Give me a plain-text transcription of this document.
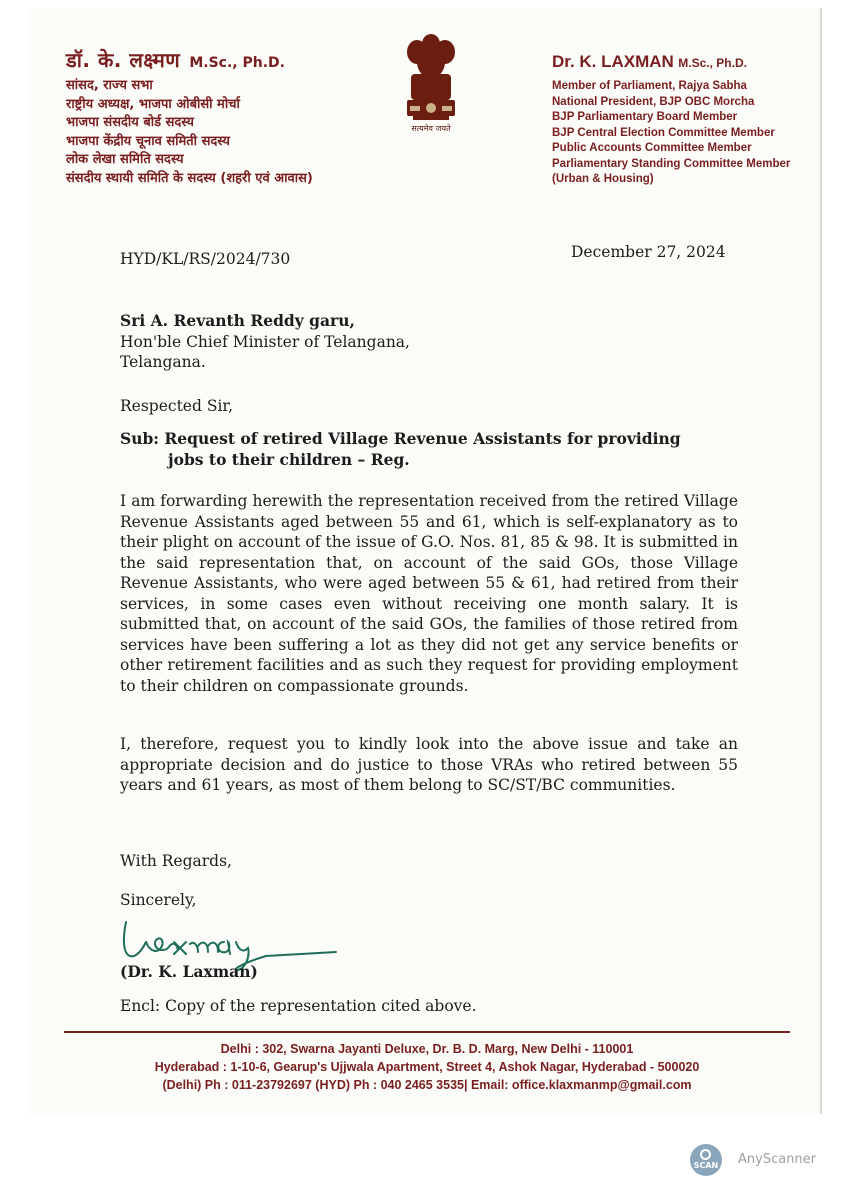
डॉ. के. लक्ष्मण M.Sc., Ph.D.
सांसद, राज्य सभा
राष्ट्रीय अध्यक्ष, भाजपा ओबीसी मोर्चा
भाजपा संसदीय बोर्ड सदस्य
भाजपा केंद्रीय चूनाव समिती सदस्य
लोक लेखा समिति सदस्य
संसदीय स्थायी समिति के सदस्य (शहरी एवं आवास)
सत्यमेव जयते
Dr. K. LAXMAN M.Sc., Ph.D.
Member of Parliament, Rajya Sabha
National President, BJP OBC Morcha
BJP Parliamentary Board Member
BJP Central Election Committee Member
Public Accounts Committee Member
Parliamentary Standing Committee Member
(Urban & Housing)
HYD/KL/RS/2024/730	December 27, 2024
Sri A. Revanth Reddy garu,
Hon'ble Chief Minister of Telangana,
Telangana.
Respected Sir,
Sub: Request of retired Village Revenue Assistants for providing
jobs to their children – Reg.
I am forwarding herewith the representation received from the retired Village Revenue Assistants aged between 55 and 61, which is self-explanatory as to their plight on account of the issue of G.O. Nos. 81, 85 & 98. It is submitted in the said representation that, on account of the said GOs, those Village Revenue Assistants, who were aged between 55 & 61, had retired from their services, in some cases even without receiving one month salary. It is submitted that, on account of the said GOs, the families of those retired from services have been suffering a lot as they did not get any service benefits or other retirement facilities and as such they request for providing employment to their children on compassionate grounds.
I, therefore, request you to kindly look into the above issue and take an appropriate decision and do justice to those VRAs who retired between 55 years and 61 years, as most of them belong to SC/ST/BC communities.
With Regards,
Sincerely,
(Dr. K. Laxman)
Encl: Copy of the representation cited above.
Delhi : 302, Swarna Jayanti Deluxe, Dr. B. D. Marg, New Delhi - 110001
Hyderabad : 1-10-6, Gearup's Ujjwala Apartment, Street 4, Ashok Nagar, Hyderabad - 500020
(Delhi) Ph : 011-23792697 (HYD) Ph : 040 2465 3535| Email: office.klaxmanmp@gmail.com
SCAN AnyScanner
